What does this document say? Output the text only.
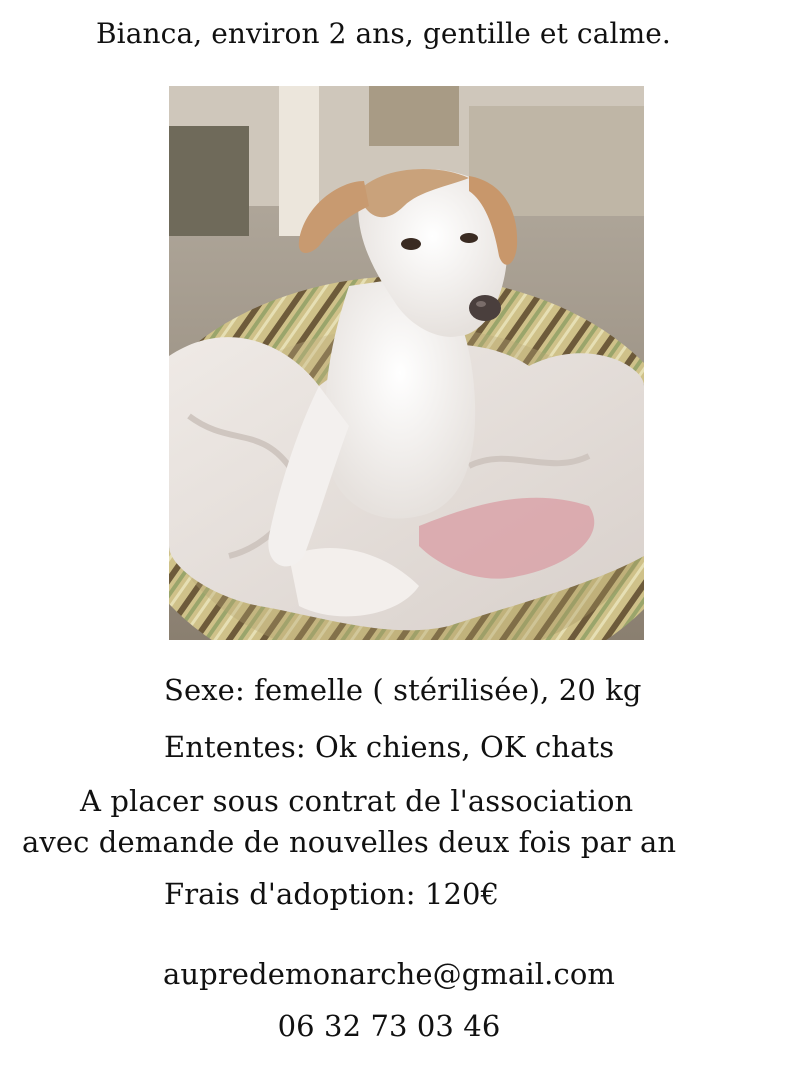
Bianca, environ 2 ans, gentille et calme.
Sexe: femelle ( stérilisée), 20 kg
Ententes: Ok chiens, OK chats
A placer sous contrat de l'association
avec demande de nouvelles deux fois par an
Frais d'adoption: 120€
aupredemonarche@gmail.com
06 32 73 03 46
